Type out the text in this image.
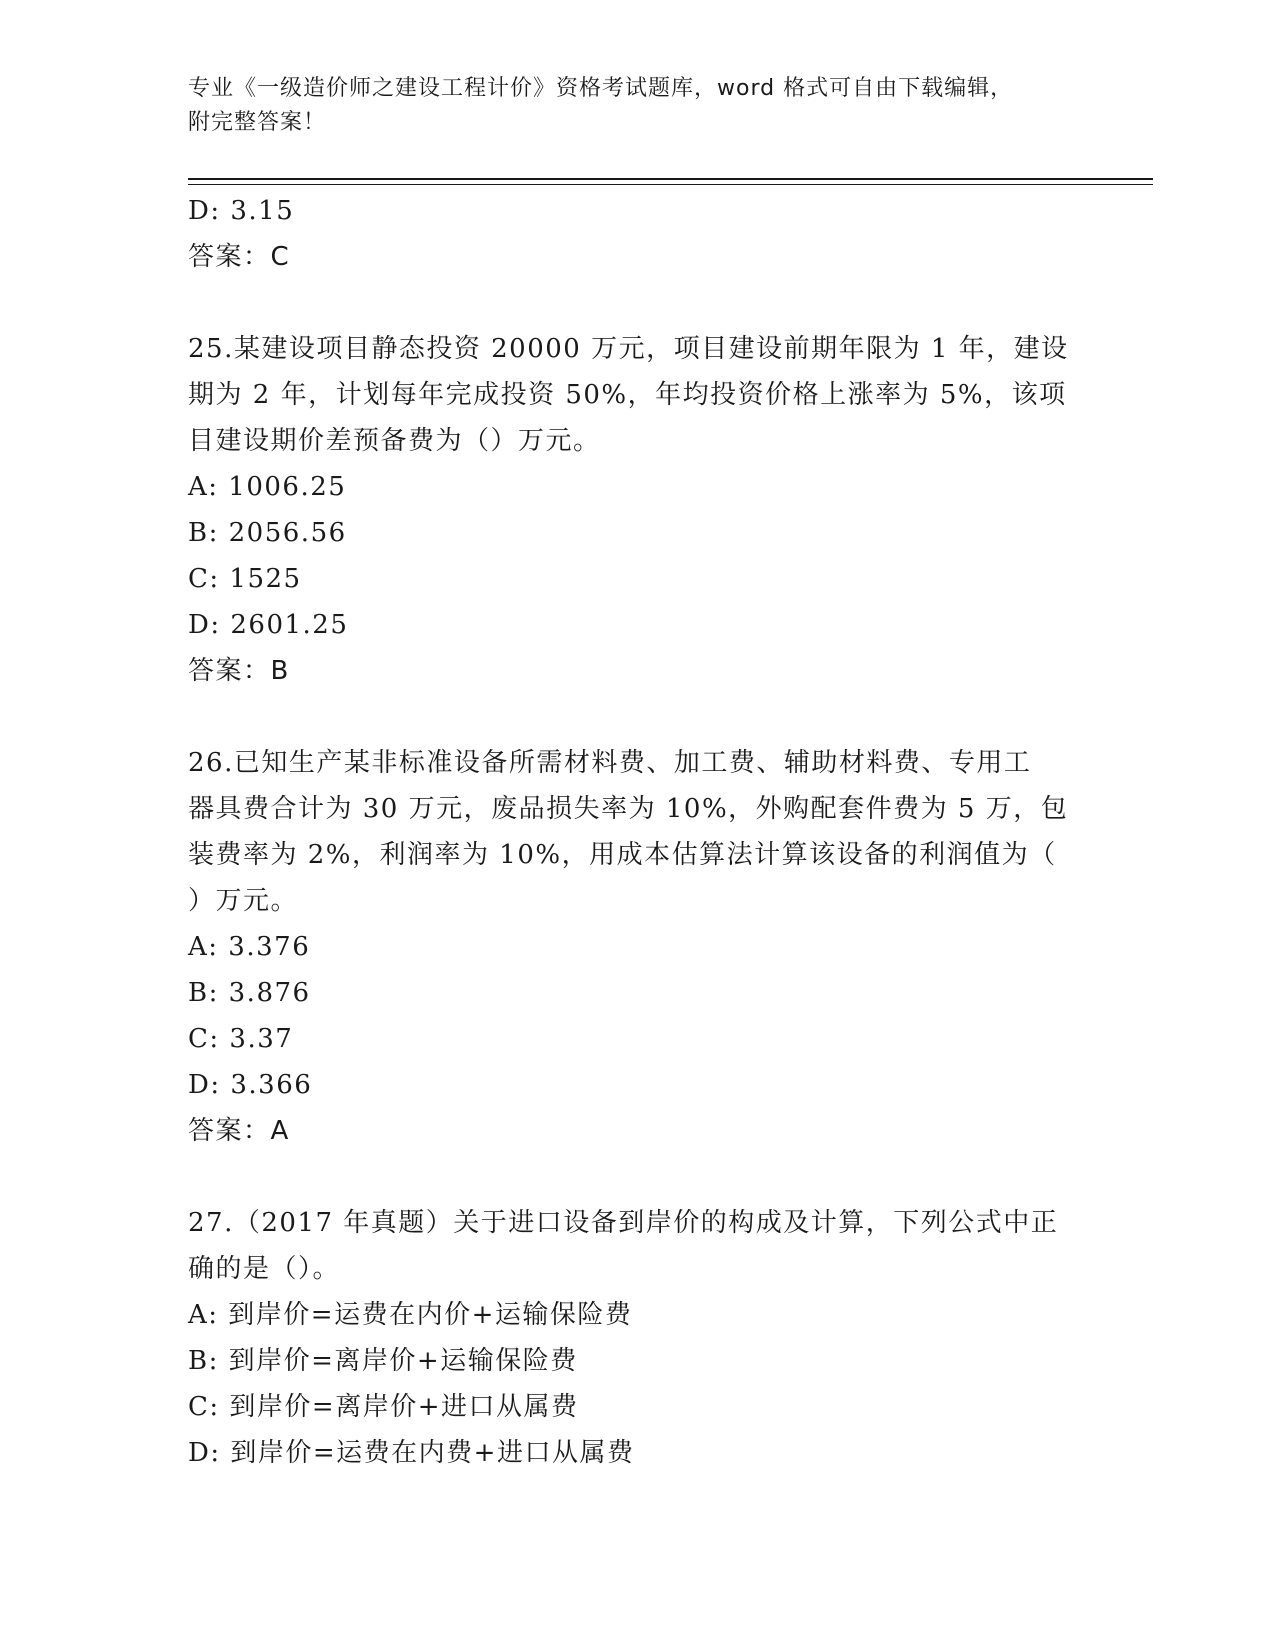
专业《一级造价师之建设工程计价》资格考试题库，word 格式可自由下载编辑，
附完整答案！
D: 3.15
答案：C
25.某建设项目静态投资 20000 万元，项目建设前期年限为 1 年，建设
期为 2 年，计划每年完成投资 50%，年均投资价格上涨率为 5%，该项
目建设期价差预备费为（）万元。
A: 1006.25
B: 2056.56
C: 1525
D: 2601.25
答案：B
26.已知生产某非标准设备所需材料费、加工费、辅助材料费、专用工
器具费合计为 30 万元，废品损失率为 10%，外购配套件费为 5 万，包
装费率为 2%，利润率为 10%，用成本估算法计算该设备的利润值为（
）万元。
A: 3.376
B: 3.876
C: 3.37
D: 3.366
答案：A
27.（2017 年真题）关于进口设备到岸价的构成及计算，下列公式中正
确的是（）。
A: 到岸价=运费在内价+运输保险费
B: 到岸价=离岸价+运输保险费
C: 到岸价=离岸价+进口从属费
D: 到岸价=运费在内费+进口从属费
